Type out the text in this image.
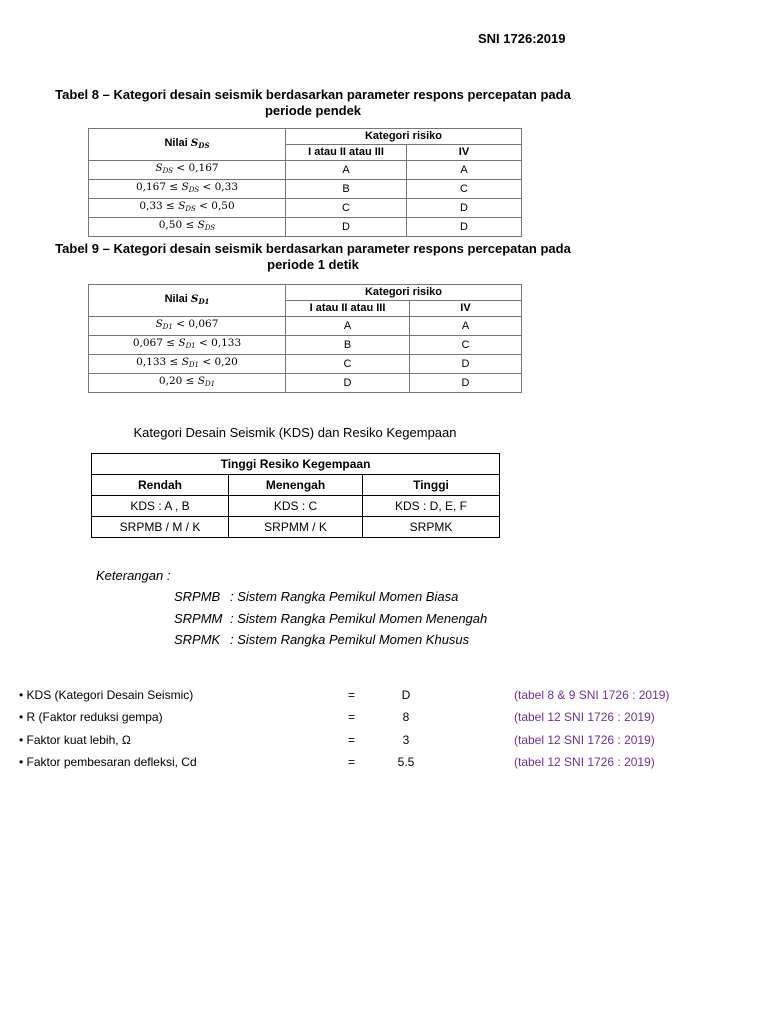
SNI 1726:2019
Tabel 8 – Kategori desain seismik berdasarkan parameter respons percepatan pada
periode pendek
Nilai $S_{DS}$	Kategori risiko	
	I atau II atau III	IV
$S_{DS} < 0,167$	A	A
$0,167 \le S_{DS} < 0,33$	B	C
$0,33 \le S_{DS} < 0,50$	C	D
$0,50 \le S_{DS}$	D	D
Tabel 9 – Kategori desain seismik berdasarkan parameter respons percepatan pada
periode 1 detik
Nilai $S_{D1}$	Kategori risiko	
	I atau II atau III	IV
$S_{D1} < 0,067$	A	A
$0,067 \le S_{D1} < 0,133$	B	C
$0,133 \le S_{D1} < 0,20$	C	D
$0,20 \le S_{D1}$	D	D
Kategori Desain Seismik (KDS) dan Resiko Kegempaan
Tinggi Resiko Kegempaan		
Rendah	Menengah	Tinggi
KDS : A , B	KDS : C	KDS : D, E, F
SRPMB / M / K	SRPMM / K	SRPMK
Keterangan :
SRPMB : Sistem Rangka Pemikul Momen Biasa
SRPMM : Sistem Rangka Pemikul Momen Menengah
SRPMK : Sistem Rangka Pemikul Momen Khusus
• KDS (Kategori Desain Seismic)	=	D	(tabel 8 & 9 SNI 1726 : 2019)
• R (Faktor reduksi gempa)	=	8	(tabel 12 SNI 1726 : 2019)
• Faktor kuat lebih, Ω	=	3	(tabel 12 SNI 1726 : 2019)
• Faktor pembesaran defleksi, Cd	=	5.5	(tabel 12 SNI 1726 : 2019)
